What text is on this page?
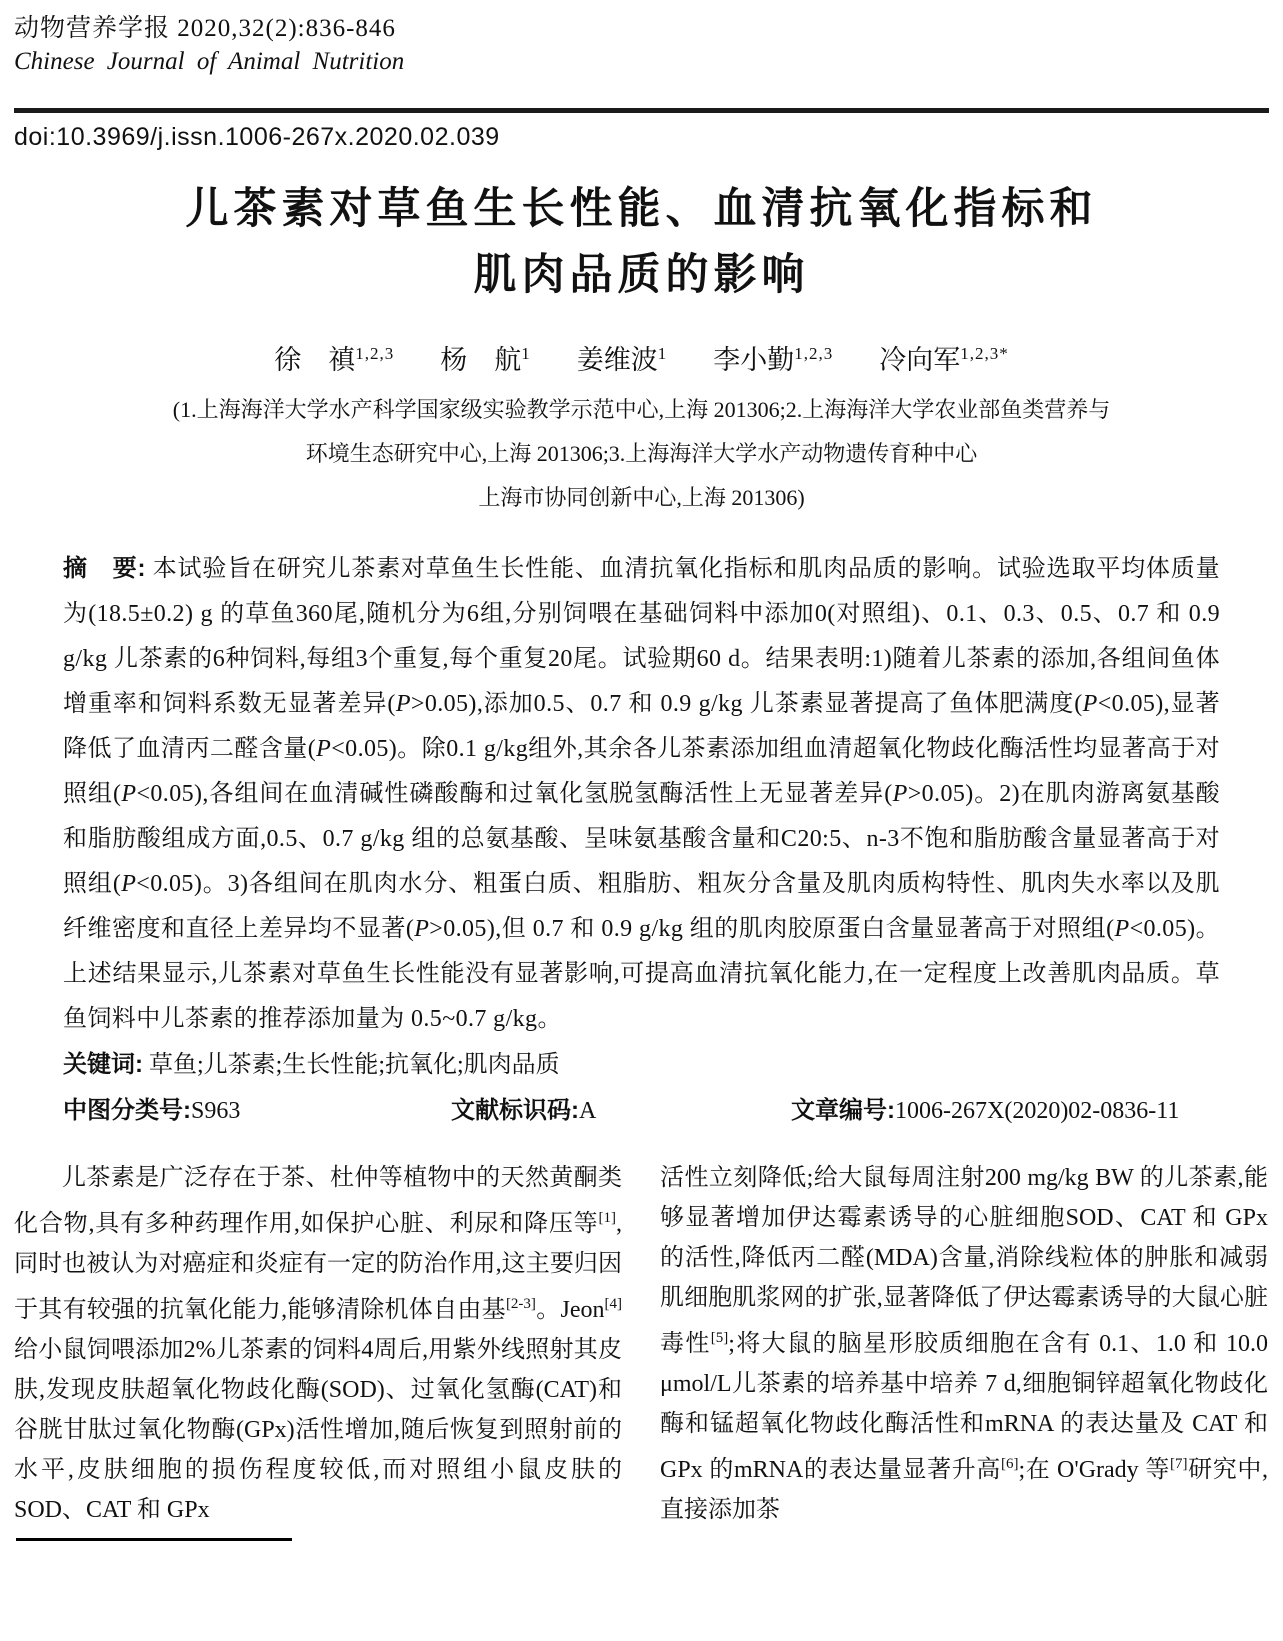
动物营养学报 2020,32(2):836-846
Chinese Journal of Animal Nutrition
doi:10.3969/j.issn.1006-267x.2020.02.039
儿茶素对草鱼生长性能、血清抗氧化指标和
肌肉品质的影响
徐　禛$^{1,2,3}$ 杨　航$^1$ 姜维波$^1$ 李小勤$^{1,2,3}$ 冷向军$^{1,2,3*}$
(1.上海海洋大学水产科学国家级实验教学示范中心,上海 201306;2.上海海洋大学农业部鱼类营养与
环境生态研究中心,上海 201306;3.上海海洋大学水产动物遗传育种中心
上海市协同创新中心,上海 201306)
摘　要: 本试验旨在研究儿茶素对草鱼生长性能、血清抗氧化指标和肌肉品质的影响。试验选取平均体质量为(18.5±0.2) g 的草鱼360尾,随机分为6组,分别饲喂在基础饲料中添加0(对照组)、0.1、0.3、0.5、0.7 和 0.9 g/kg 儿茶素的6种饲料,每组3个重复,每个重复20尾。试验期60 d。结果表明:1)随着儿茶素的添加,各组间鱼体增重率和饲料系数无显著差异(P>0.05),添加0.5、0.7 和 0.9 g/kg 儿茶素显著提高了鱼体肥满度(P<0.05),显著降低了血清丙二醛含量(P<0.05)。除0.1 g/kg组外,其余各儿茶素添加组血清超氧化物歧化酶活性均显著高于对照组(P<0.05),各组间在血清碱性磷酸酶和过氧化氢脱氢酶活性上无显著差异(P>0.05)。2)在肌肉游离氨基酸和脂肪酸组成方面,0.5、0.7 g/kg 组的总氨基酸、呈味氨基酸含量和C20:5、n-3不饱和脂肪酸含量显著高于对照组(P<0.05)。3)各组间在肌肉水分、粗蛋白质、粗脂肪、粗灰分含量及肌肉质构特性、肌肉失水率以及肌纤维密度和直径上差异均不显著(P>0.05),但 0.7 和 0.9 g/kg 组的肌肉胶原蛋白含量显著高于对照组(P<0.05)。上述结果显示,儿茶素对草鱼生长性能没有显著影响,可提高血清抗氧化能力,在一定程度上改善肌肉品质。草鱼饲料中儿茶素的推荐添加量为 0.5~0.7 g/kg。
关键词: 草鱼;儿茶素;生长性能;抗氧化;肌肉品质
中图分类号:S963	文献标识码:A	文章编号:1006-267X(2020)02-0836-11

儿茶素是广泛存在于茶、杜仲等植物中的天然黄酮类化合物,具有多种药理作用,如保护心脏、利尿和降压等[1],同时也被认为对癌症和炎症有一定的防治作用,这主要归因于其有较强的抗氧化能力,能够清除机体自由基[2-3]。Jeon[4]给小鼠饲喂添加2%儿茶素的饲料4周后,用紫外线照射其皮肤,发现皮肤超氧化物歧化酶(SOD)、过氧化氢酶(CAT)和谷胱甘肽过氧化物酶(GPx)活性增加,随后恢复到照射前的水平,皮肤细胞的损伤程度较低,而对照组小鼠皮肤的 SOD、CAT 和 GPx

活性立刻降低;给大鼠每周注射200 mg/kg BW 的儿茶素,能够显著增加伊达霉素诱导的心脏细胞SOD、CAT 和 GPx 的活性,降低丙二醛(MDA)含量,消除线粒体的肿胀和减弱肌细胞肌浆网的扩张,显著降低了伊达霉素诱导的大鼠心脏毒性[5];将大鼠的脑星形胶质细胞在含有 0.1、1.0 和 10.0 μmol/L儿茶素的培养基中培养 7 d,细胞铜锌超氧化物歧化酶和锰超氧化物歧化酶活性和mRNA 的表达量及 CAT 和 GPx 的mRNA的表达量显著升高[6];在 O'Grady 等[7]研究中,直接添加茶
